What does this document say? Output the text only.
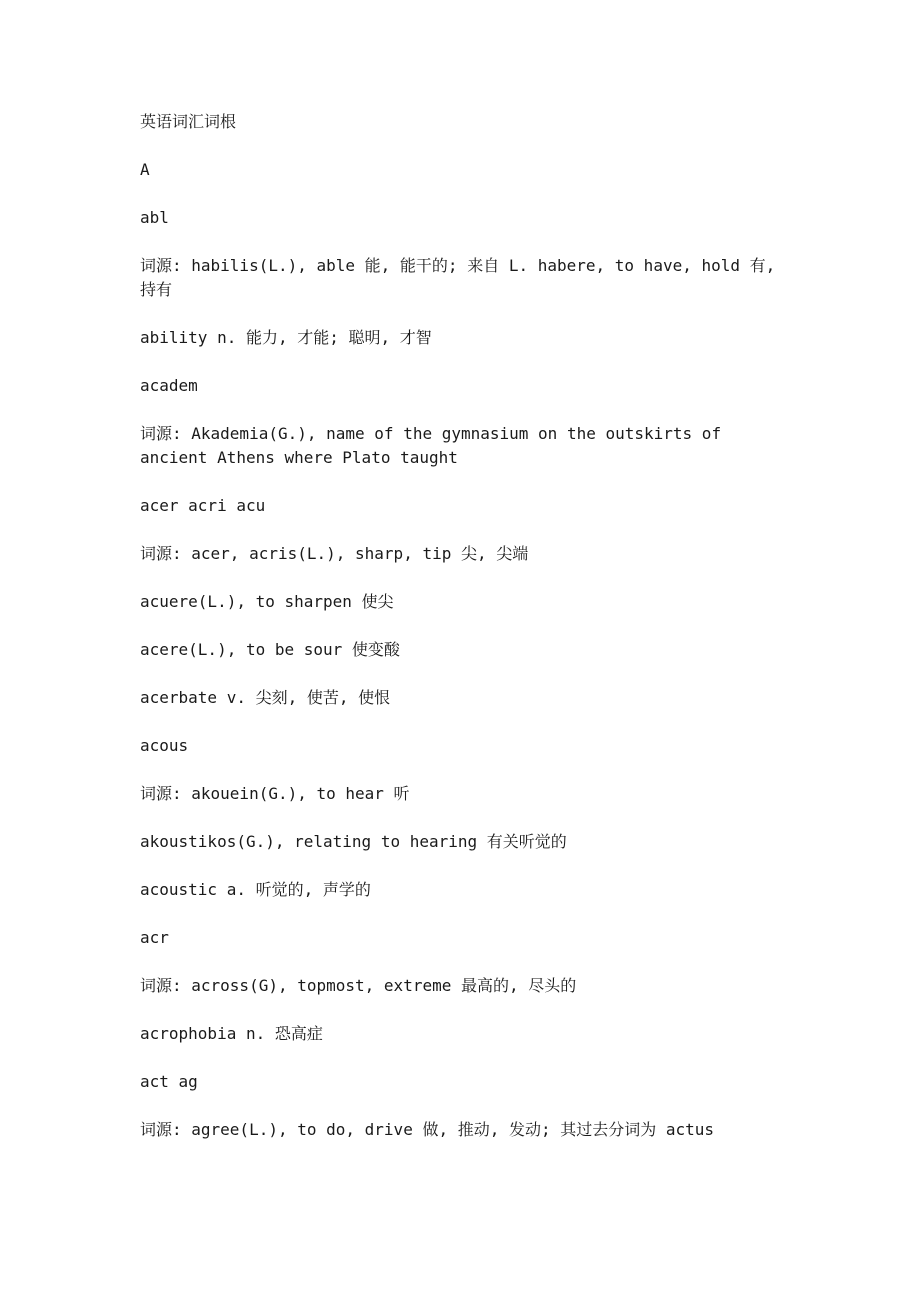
英语词汇词根

A

abl

词源: habilis(L.), able 能, 能干的; 来自 L. habere, to have, hold 有, 持有

ability n. 能力, 才能; 聪明, 才智

academ

词源: Akademia(G.), name of the gymnasium on the outskirts of ancient Athens where Plato taught

acer acri acu

词源: acer, acris(L.), sharp, tip 尖, 尖端

acuere(L.), to sharpen 使尖

acere(L.), to be sour 使变酸

acerbate v. 尖刻, 使苦, 使恨

acous

词源: akouein(G.), to hear 听

akoustikos(G.), relating to hearing 有关听觉的

acoustic a. 听觉的, 声学的

acr

词源: across(G), topmost, extreme 最高的, 尽头的

acrophobia n. 恐高症

act ag

词源: agree(L.), to do, drive 做, 推动, 发动; 其过去分词为 actus
